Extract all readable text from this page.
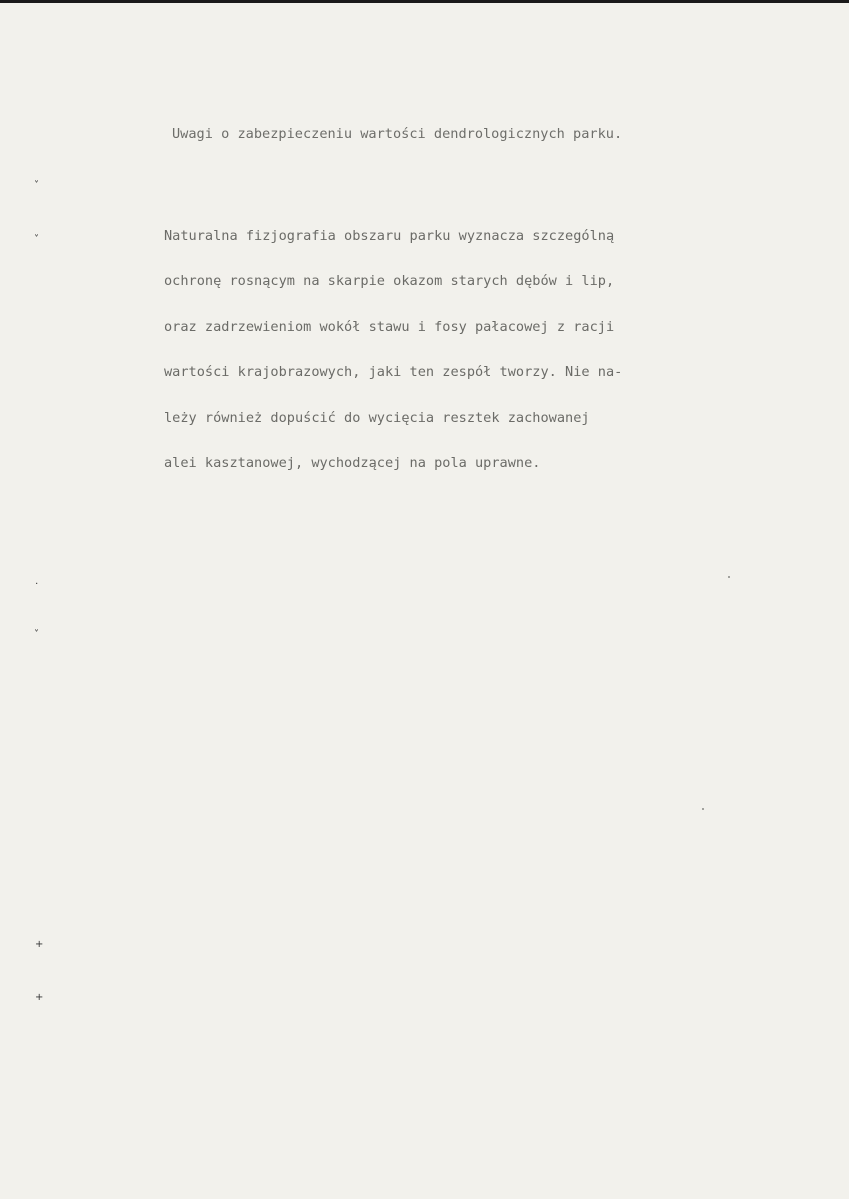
Uwagi o zabezpieczeniu wartości dendrologicznych parku.
Naturalna fizjografia obszaru parku wyznacza szczególną
ochronę rosnącym na skarpie okazom starych dębów i lip,
oraz zadrzewieniom wokół stawu i fosy pałacowej z racji
wartości krajobrazowych, jaki ten zespół tworzy. Nie na-
leży również dopuścić do wycięcia resztek zachowanej
alei kasztanowej, wychodzącej na pola uprawne.
˅
˅
․
˅
+
+
